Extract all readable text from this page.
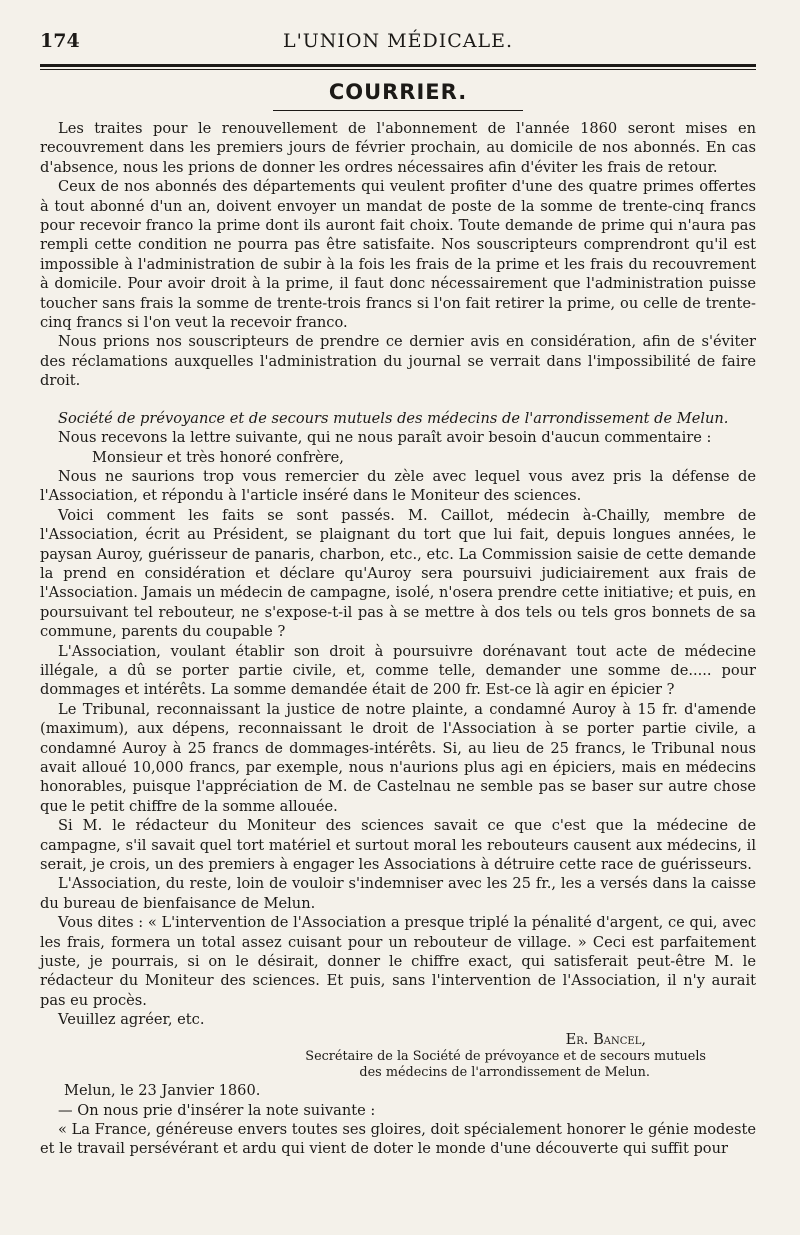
174	L'UNION MÉDICALE.
COURRIER.

Les traites pour le renouvellement de l'abonnement de l'année 1860 seront mises en recouvrement dans les premiers jours de février prochain, au domicile de nos abonnés. En cas d'absence, nous les prions de donner les ordres nécessaires afin d'éviter les frais de retour.

Ceux de nos abonnés des départements qui veulent profiter d'une des quatre primes offertes à tout abonné d'un an, doivent envoyer un mandat de poste de la somme de trente-cinq francs pour recevoir franco la prime dont ils auront fait choix. Toute demande de prime qui n'aura pas rempli cette condition ne pourra pas être satisfaite. Nos souscripteurs comprendront qu'il est impossible à l'administration de subir à la fois les frais de la prime et les frais du recouvrement à domicile. Pour avoir droit à la prime, il faut donc nécessairement que l'administration puisse toucher sans frais la somme de trente-trois francs si l'on fait retirer la prime, ou celle de trente-cinq francs si l'on veut la recevoir franco.

Nous prions nos souscripteurs de prendre ce dernier avis en considération, afin de s'éviter des réclamations auxquelles l'administration du journal se verrait dans l'impossibilité de faire droit.

Société de prévoyance et de secours mutuels des médecins de l'arrondissement de Melun.

Nous recevons la lettre suivante, qui ne nous paraît avoir besoin d'aucun commentaire :

Monsieur et très honoré confrère,

Nous ne saurions trop vous remercier du zèle avec lequel vous avez pris la défense de l'Association, et répondu à l'article inséré dans le Moniteur des sciences.

Voici comment les faits se sont passés. M. Caillot, médecin à-Chailly, membre de l'Association, écrit au Président, se plaignant du tort que lui fait, depuis longues années, le paysan Auroy, guérisseur de panaris, charbon, etc., etc. La Commission saisie de cette demande la prend en considération et déclare qu'Auroy sera poursuivi judiciairement aux frais de l'Association. Jamais un médecin de campagne, isolé, n'osera prendre cette initiative; et puis, en poursuivant tel rebouteur, ne s'expose-t-il pas à se mettre à dos tels ou tels gros bonnets de sa commune, parents du coupable ?

L'Association, voulant établir son droit à poursuivre dorénavant tout acte de médecine illégale, a dû se porter partie civile, et, comme telle, demander une somme de..... pour dommages et intérêts. La somme demandée était de 200 fr. Est-ce là agir en épicier ?

Le Tribunal, reconnaissant la justice de notre plainte, a condamné Auroy à 15 fr. d'amende (maximum), aux dépens, reconnaissant le droit de l'Association à se porter partie civile, a condamné Auroy à 25 francs de dommages-intérêts. Si, au lieu de 25 francs, le Tribunal nous avait alloué 10,000 francs, par exemple, nous n'aurions plus agi en épiciers, mais en médecins honorables, puisque l'appréciation de M. de Castelnau ne semble pas se baser sur autre chose que le petit chiffre de la somme allouée.

Si M. le rédacteur du Moniteur des sciences savait ce que c'est que la médecine de campagne, s'il savait quel tort matériel et surtout moral les rebouteurs causent aux médecins, il serait, je crois, un des premiers à engager les Associations à détruire cette race de guérisseurs.

L'Association, du reste, loin de vouloir s'indemniser avec les 25 fr., les a versés dans la caisse du bureau de bienfaisance de Melun.

Vous dites : « L'intervention de l'Association a presque triplé la pénalité d'argent, ce qui, avec les frais, formera un total assez cuisant pour un rebouteur de village. » Ceci est parfaitement juste, je pourrais, si on le désirait, donner le chiffre exact, qui satisferait peut-être M. le rédacteur du Moniteur des sciences. Et puis, sans l'intervention de l'Association, il n'y aurait pas eu procès.

Veuillez agréer, etc.

Er. Bancel,

Secrétaire de la Société de prévoyance et de secours mutuels
des médecins de l'arrondissement de Melun.

Melun, le 23 Janvier 1860.

— On nous prie d'insérer la note suivante :

« La France, généreuse envers toutes ses gloires, doit spécialement honorer le génie modeste et le travail persévérant et ardu qui vient de doter le monde d'une découverte qui suffit pour
